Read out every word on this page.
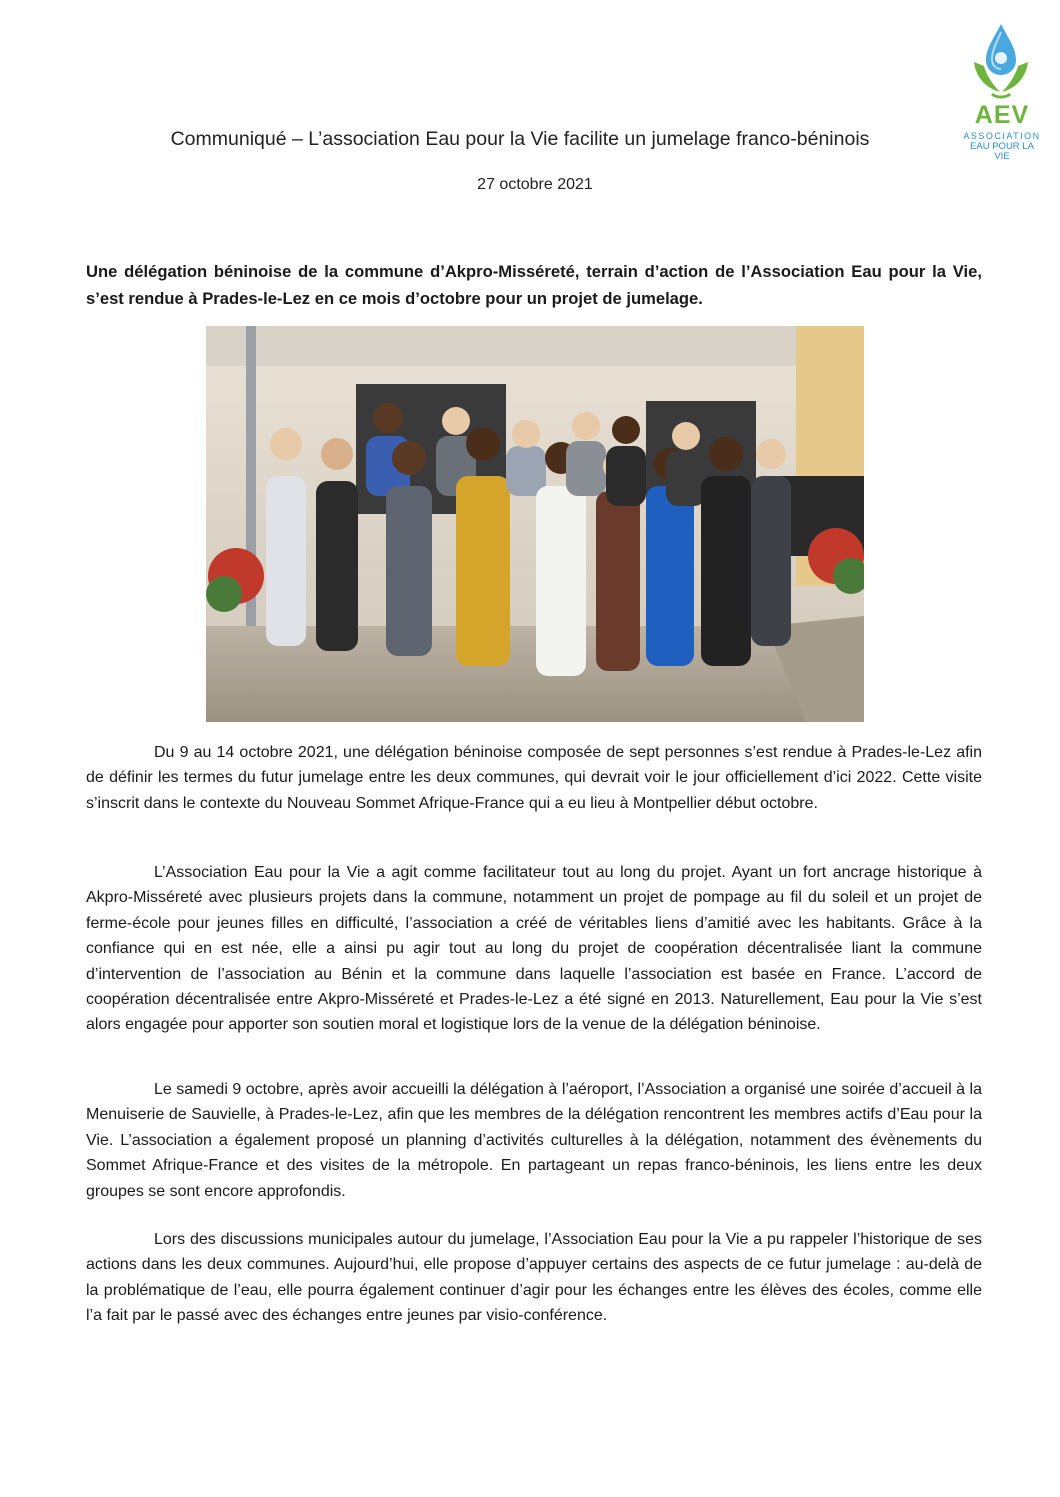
AEV
ASSOCIATION
EAU POUR LA VIE
Communiqué – L’association Eau pour la Vie facilite un jumelage franco-béninois
27 octobre 2021
Une délégation béninoise de la commune d’Akpro-Misséreté, terrain d’action de l’Association Eau pour la Vie, s’est rendue à Prades-le-Lez en ce mois d’octobre pour un projet de jumelage.

Du 9 au 14 octobre 2021, une délégation béninoise composée de sept personnes s’est rendue à Prades-le-Lez afin de définir les termes du futur jumelage entre les deux communes, qui devrait voir le jour officiellement d’ici 2022. Cette visite s’inscrit dans le contexte du Nouveau Sommet Afrique-France qui a eu lieu à Montpellier début octobre.

L’Association Eau pour la Vie a agit comme facilitateur tout au long du projet. Ayant un fort ancrage historique à Akpro-Misséreté avec plusieurs projets dans la commune, notamment un projet de pompage au fil du soleil et un projet de ferme-école pour jeunes filles en difficulté, l’association a créé de véritables liens d’amitié avec les habitants. Grâce à la confiance qui en est née, elle a ainsi pu agir tout au long du projet de coopération décentralisée liant la commune d’intervention de l’association au Bénin et la commune dans laquelle l’association est basée en France. L’accord de coopération décentralisée entre Akpro-Misséreté et Prades-le-Lez a été signé en 2013. Naturellement, Eau pour la Vie s’est alors engagée pour apporter son soutien moral et logistique lors de la venue de la délégation béninoise.

Le samedi 9 octobre, après avoir accueilli la délégation à l’aéroport, l’Association a organisé une soirée d’accueil à la Menuiserie de Sauvielle, à Prades-le-Lez, afin que les membres de la délégation rencontrent les membres actifs d’Eau pour la Vie. L’association a également proposé un planning d’activités culturelles à la délégation, notamment des évènements du Sommet Afrique-France et des visites de la métropole. En partageant un repas franco-béninois, les liens entre les deux groupes se sont encore approfondis.

Lors des discussions municipales autour du jumelage, l’Association Eau pour la Vie a pu rappeler l’historique de ses actions dans les deux communes. Aujourd’hui, elle propose d’appuyer certains des aspects de ce futur jumelage : au-delà de la problématique de l’eau, elle pourra également continuer d’agir pour les échanges entre les élèves des écoles, comme elle l’a fait par le passé avec des échanges entre jeunes par visio-conférence.
